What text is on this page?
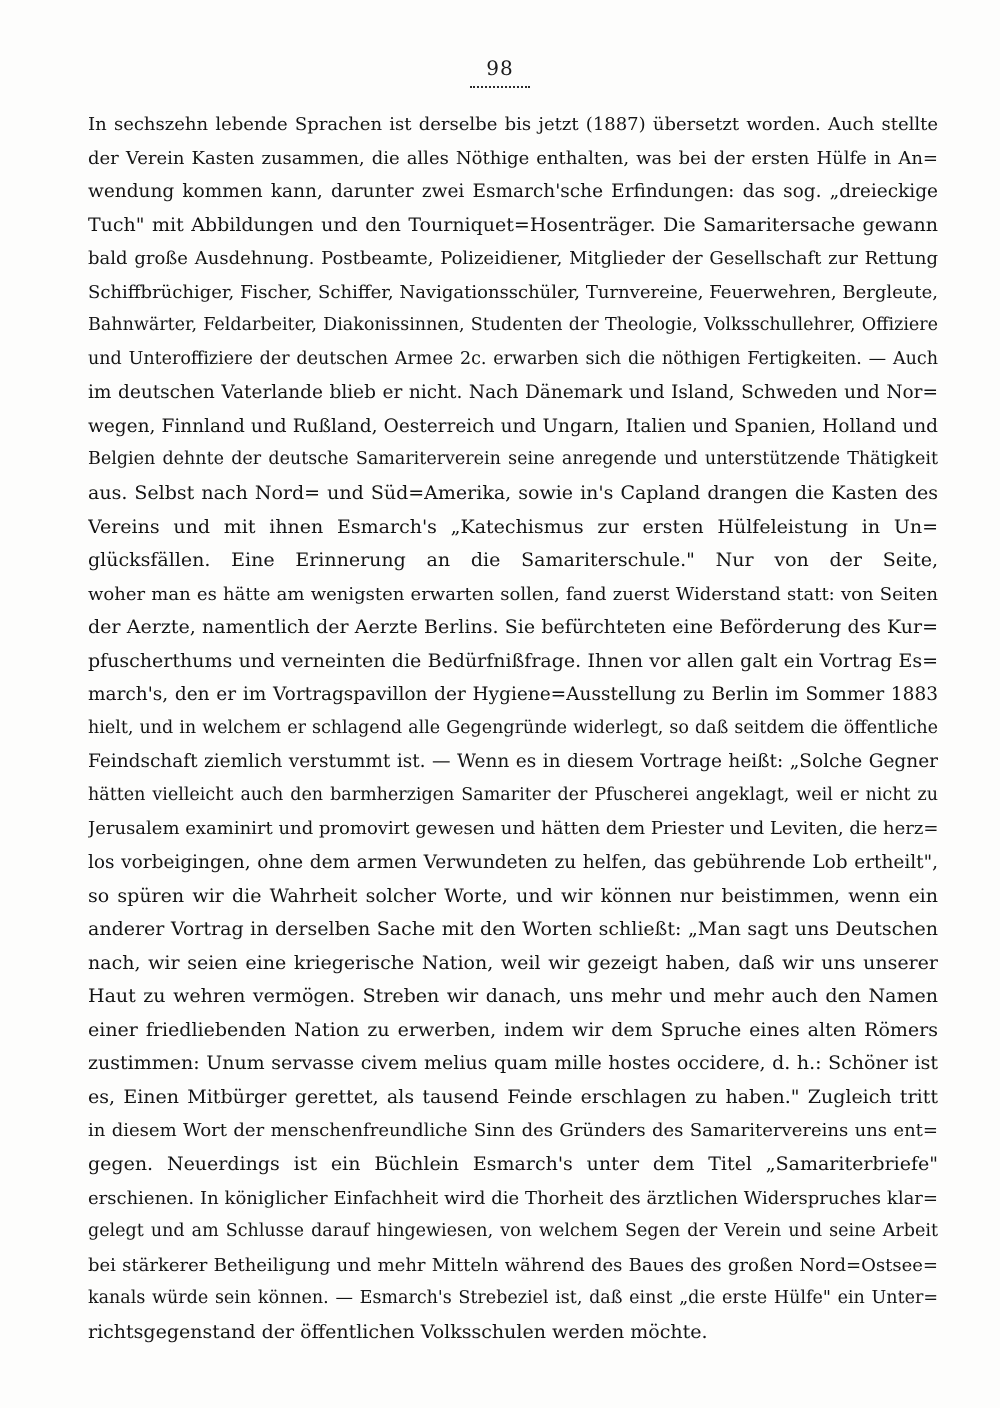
98
In sechszehn lebende Sprachen ist derselbe bis jetzt (1887) übersetzt worden. Auch stellte
der Verein Kasten zusammen, die alles Nöthige enthalten, was bei der ersten Hülfe in An=
wendung kommen kann, darunter zwei Esmarch'sche Erfindungen: das sog. „dreieckige
Tuch" mit Abbildungen und den Tourniquet=Hosenträger. Die Samaritersache gewann
bald große Ausdehnung. Postbeamte, Polizeidiener, Mitglieder der Gesellschaft zur Rettung
Schiffbrüchiger, Fischer, Schiffer, Navigationsschüler, Turnvereine, Feuerwehren, Bergleute,
Bahnwärter, Feldarbeiter, Diakonissinnen, Studenten der Theologie, Volksschullehrer, Offiziere
und Unteroffiziere der deutschen Armee 2c. erwarben sich die nöthigen Fertigkeiten. — Auch
im deutschen Vaterlande blieb er nicht. Nach Dänemark und Island, Schweden und Nor=
wegen, Finnland und Rußland, Oesterreich und Ungarn, Italien und Spanien, Holland und
Belgien dehnte der deutsche Samariterverein seine anregende und unterstützende Thätigkeit
aus. Selbst nach Nord= und Süd=Amerika, sowie in's Capland drangen die Kasten des
Vereins und mit ihnen Esmarch's „Katechismus zur ersten Hülfeleistung in Un=
glücksfällen. Eine Erinnerung an die Samariterschule." Nur von der Seite,
woher man es hätte am wenigsten erwarten sollen, fand zuerst Widerstand statt: von Seiten
der Aerzte, namentlich der Aerzte Berlins. Sie befürchteten eine Beförderung des Kur=
pfuscherthums und verneinten die Bedürfnißfrage. Ihnen vor allen galt ein Vortrag Es=
march's, den er im Vortragspavillon der Hygiene=Ausstellung zu Berlin im Sommer 1883
hielt, und in welchem er schlagend alle Gegengründe widerlegt, so daß seitdem die öffentliche
Feindschaft ziemlich verstummt ist. — Wenn es in diesem Vortrage heißt: „Solche Gegner
hätten vielleicht auch den barmherzigen Samariter der Pfuscherei angeklagt, weil er nicht zu
Jerusalem examinirt und promovirt gewesen und hätten dem Priester und Leviten, die herz=
los vorbeigingen, ohne dem armen Verwundeten zu helfen, das gebührende Lob ertheilt",
so spüren wir die Wahrheit solcher Worte, und wir können nur beistimmen, wenn ein
anderer Vortrag in derselben Sache mit den Worten schließt: „Man sagt uns Deutschen
nach, wir seien eine kriegerische Nation, weil wir gezeigt haben, daß wir uns unserer
Haut zu wehren vermögen. Streben wir danach, uns mehr und mehr auch den Namen
einer friedliebenden Nation zu erwerben, indem wir dem Spruche eines alten Römers
zustimmen: Unum servasse civem melius quam mille hostes occidere, d. h.: Schöner ist
es, Einen Mitbürger gerettet, als tausend Feinde erschlagen zu haben." Zugleich tritt
in diesem Wort der menschenfreundliche Sinn des Gründers des Samaritervereins uns ent=
gegen. Neuerdings ist ein Büchlein Esmarch's unter dem Titel „Samariterbriefe"
erschienen. In königlicher Einfachheit wird die Thorheit des ärztlichen Widerspruches klar=
gelegt und am Schlusse darauf hingewiesen, von welchem Segen der Verein und seine Arbeit
bei stärkerer Betheiligung und mehr Mitteln während des Baues des großen Nord=Ostsee=
kanals würde sein können. — Esmarch's Strebeziel ist, daß einst „die erste Hülfe" ein Unter=
richtsgegenstand der öffentlichen Volksschulen werden möchte.
